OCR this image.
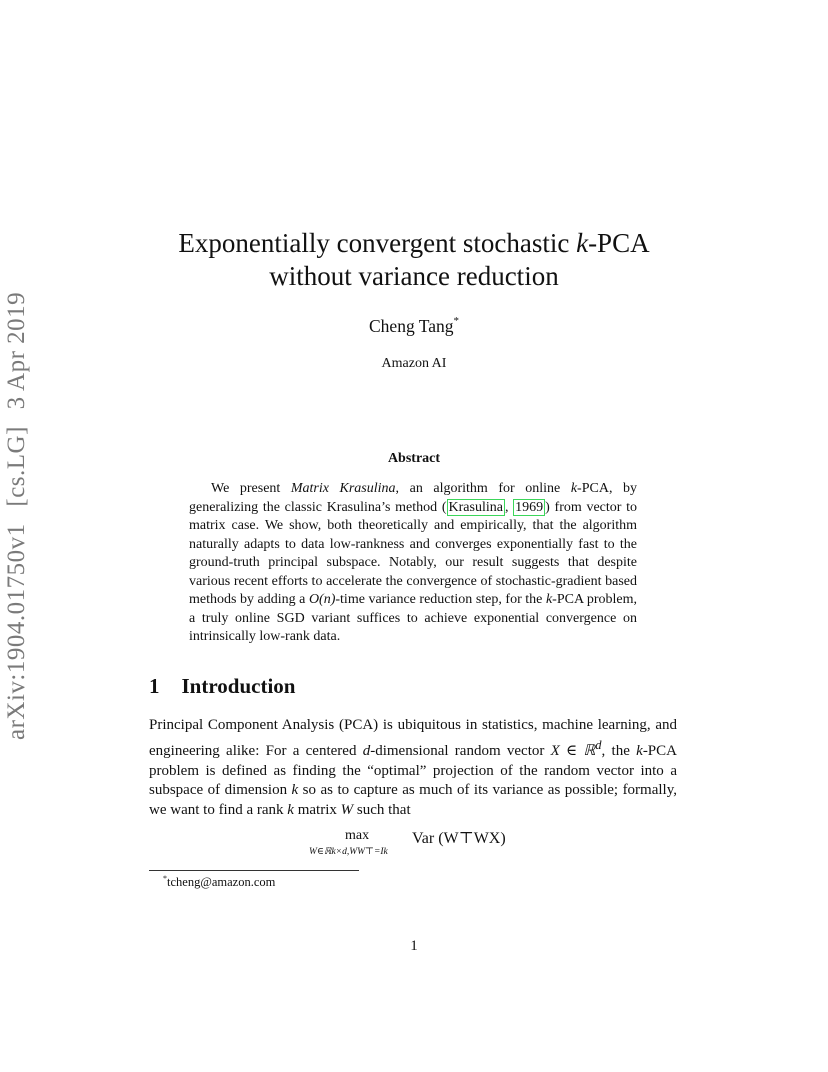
arXiv:1904.01750v1 [cs.LG] 3 Apr 2019
Exponentially convergent stochastic k-PCA
without variance reduction
Cheng Tang*
Amazon AI
Abstract

We present Matrix Krasulina, an algorithm for online k-PCA, by generalizing the classic Krasulina’s method ( Krasulina , 1969 ) from vector to matrix case. We show, both theoretically and empirically, that the algorithm naturally adapts to data low-rankness and converges exponentially fast to the ground-truth principal subspace. Notably, our result suggests that despite various recent efforts to accelerate the convergence of stochastic-gradient based methods by adding a O(n)-time variance reduction step, for the k-PCA problem, a truly online SGD variant suffices to achieve exponential convergence on intrinsically low-rank data.

1 Introduction

Principal Component Analysis (PCA) is ubiquitous in statistics, machine learning, and engineering alike: For a centered d-dimensional random vector X ∈ ℝ$^d$, the k-PCA problem is defined as finding the “optimal” projection of the random vector into a subspace of dimension k so as to capture as much of its variance as possible; formally, we want to find a rank k matrix W such that

max
W∈ℝk×d,WW⊤=Ik
Var (W⊤WX)
*tcheng@amazon.com
1
